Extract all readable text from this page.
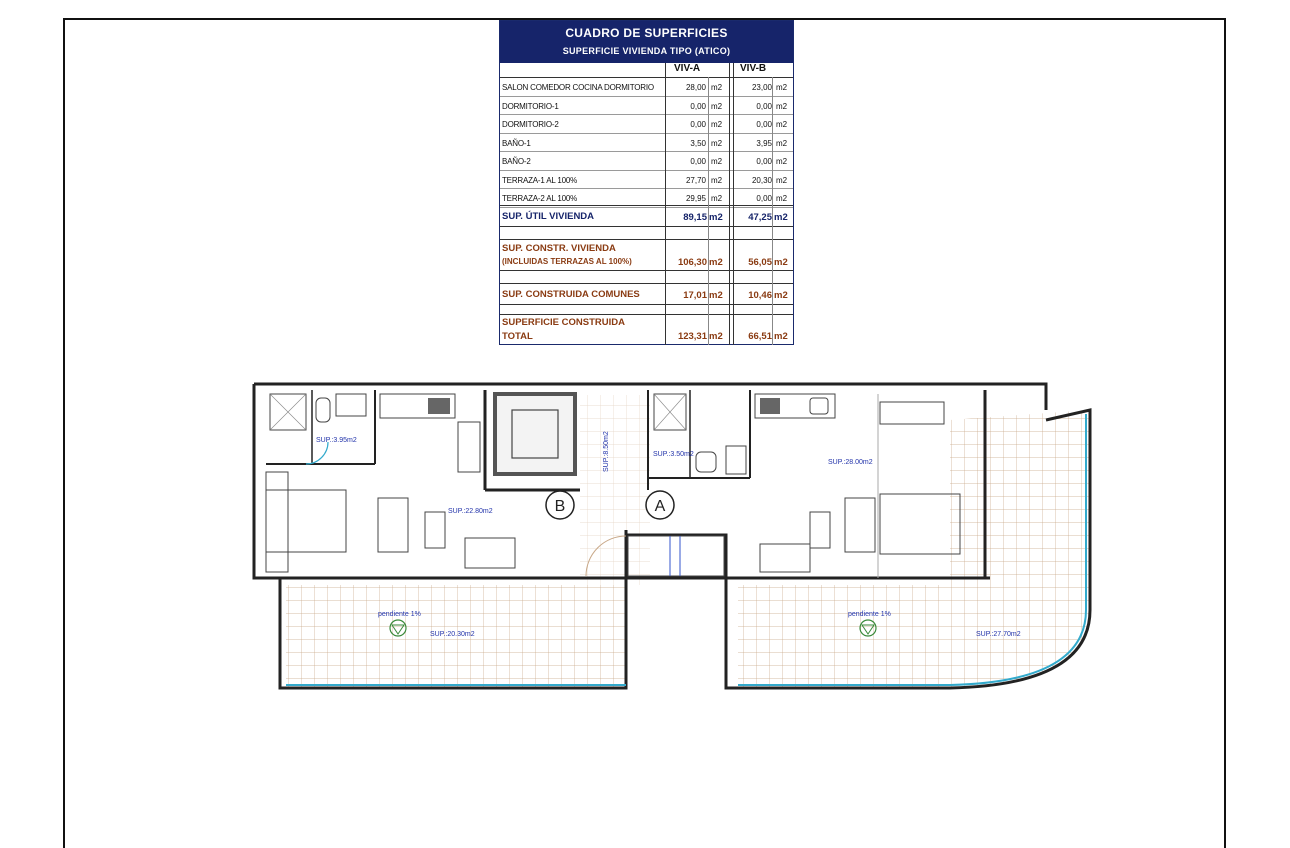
CUADRO DE SUPERFICIES
SUPERFICIE VIVIENDA TIPO (ATICO)
VIV-A	VIV-B
SALON COMEDOR COCINA DORMITORIO	28,00 m2	23,00 m2
DORMITORIO-1	0,00 m2	0,00 m2
DORMITORIO-2	0,00 m2	0,00 m2
BAÑO-1	3,50 m2	3,95 m2
BAÑO-2	0,00 m2	0,00 m2
TERRAZA-1 AL 100%	27,70 m2	20,30 m2
TERRAZA-2 AL 100%	29,95 m2	0,00 m2
SUP. ÚTIL VIVIENDA	89,15 m2	47,25 m2
SUP. CONSTR. VIVIENDA
(INCLUIDAS TERRAZAS AL 100%)	106,30 m2	56,05 m2
SUP. CONSTRUIDA COMUNES	17,01 m2	10,46 m2
SUPERFICIE CONSTRUIDA
TOTAL	123,31 m2	66,51 m2
B	A
SUP.:3.95m2
SUP.:22.80m2
SUP.:3.50m2
SUP.:28.00m2
SUP.:20.30m2	SUP.:27.70m2
pendiente 1%	pendiente 1%
SUP.:8.50m2
